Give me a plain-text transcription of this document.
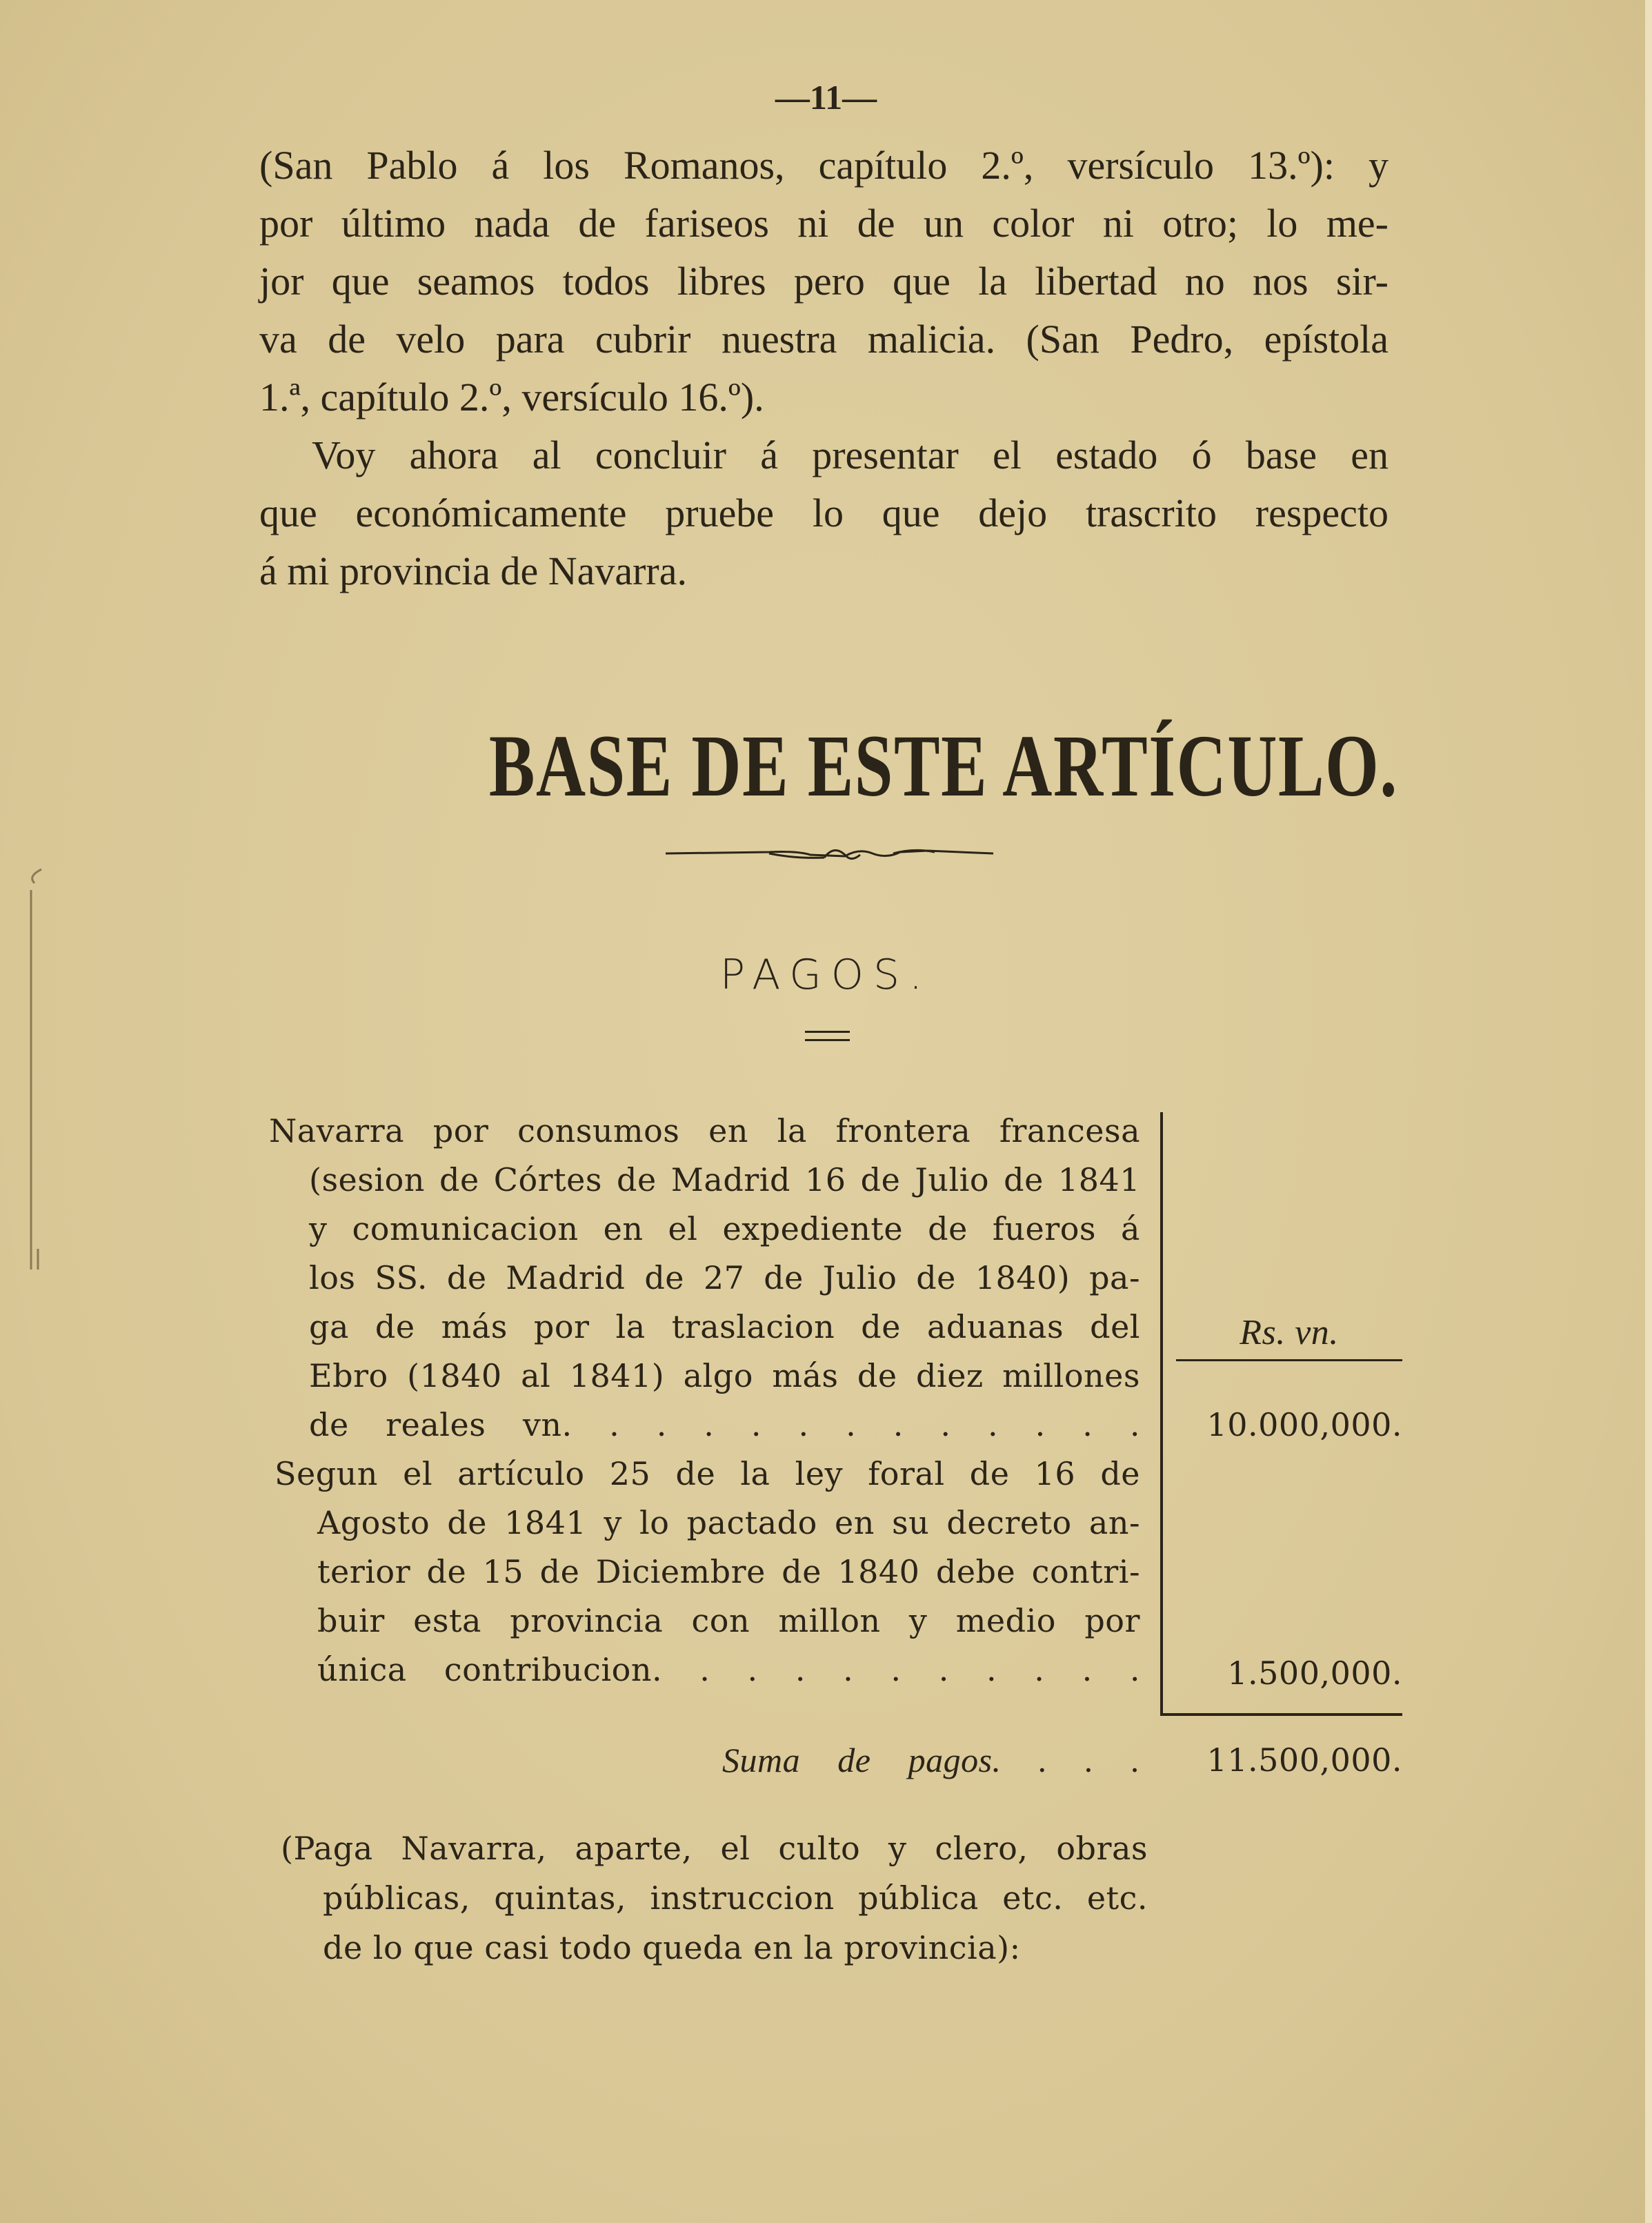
—11—
(San Pablo á los Romanos, capítulo 2.º, versículo 13.º): y
por último nada de fariseos ni de un color ni otro; lo me-
jor que seamos todos libres pero que la libertad no nos sir-
va de velo para cubrir nuestra malicia. (San Pedro, epístola
1.ª, capítulo 2.º, versículo 16.º).
Voy ahora al concluir á presentar el estado ó base en
que económicamente pruebe lo que dejo trascrito respecto
á mi provincia de Navarra.
BASE DE ESTE ARTÍCULO.
PAGOS.
Navarra por consumos en la frontera francesa
(sesion de Córtes de Madrid 16 de Julio de 1841
y comunicacion en el expediente de fueros á
los SS. de Madrid de 27 de Julio de 1840) pa-
ga de más por la traslacion de aduanas del
Ebro (1840 al 1841) algo más de diez millones
de reales vn. . . . . . . . . . . . .
Rs. vn.
10.000,000.
Segun el artículo 25 de la ley foral de 16 de
Agosto de 1841 y lo pactado en su decreto an-
terior de 15 de Diciembre de 1840 debe contri-
buir esta provincia con millon y medio por
única contribucion. . . . . . . . . . .	1.500,000.
Suma de pagos. . . .	11.500,000.
(Paga Navarra, aparte, el culto y clero, obras
públicas, quintas, instruccion pública etc. etc.
de lo que casi todo queda en la provincia):
